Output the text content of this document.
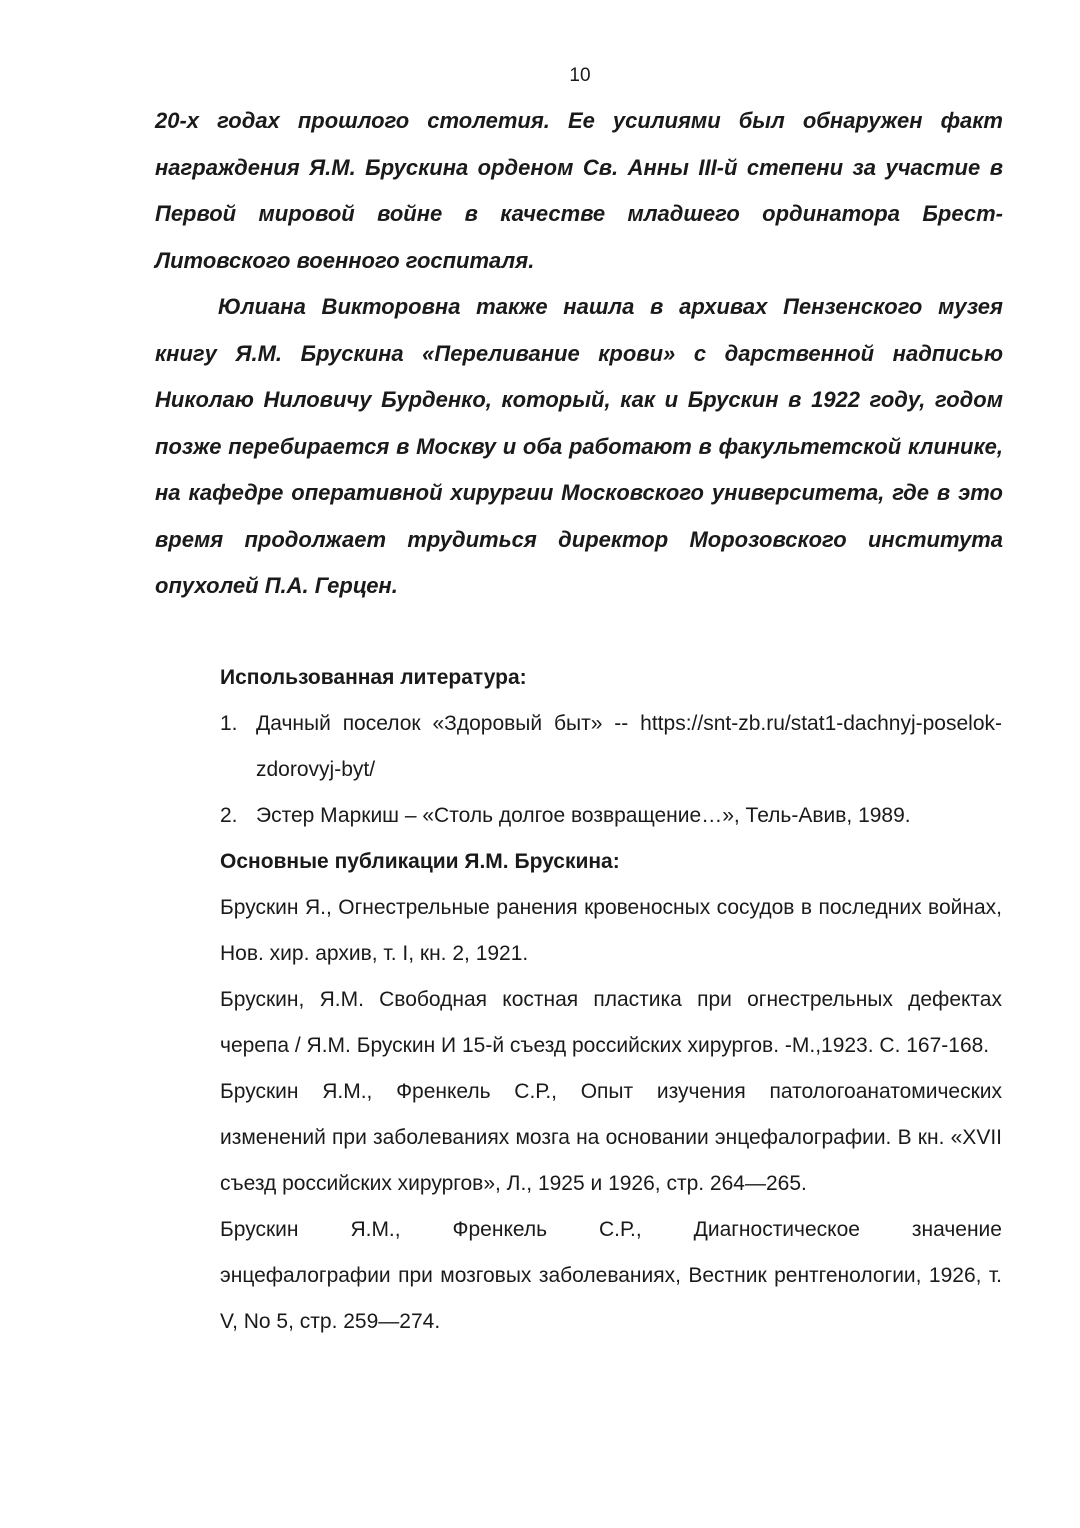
10

20-х годах прошлого столетия. Ее усилиями был обнаружен факт награждения Я.М. Брускина орденом Св. Анны III-й степени за участие в Первой мировой войне в качестве младшего ординатора Брест-Литовского военного госпиталя.

Юлиана Викторовна также нашла в архивах Пензенского музея книгу Я.М. Брускина «Переливание крови» с дарственной надписью Николаю Ниловичу Бурденко, который, как и Брускин в 1922 году, годом позже перебирается в Москву и оба работают в факультетской клинике, на кафедре оперативной хирургии Московского университета, где в это время продолжает трудиться директор Морозовского института опухолей П.А. Герцен.

Использованная литература:

1. Дачный поселок «Здоровый быт» -- https://snt-zb.ru/stat1-dachnyj-poselok-zdorovyj-byt/
2. Эстер Маркиш – «Столь долгое возвращение…», Тель-Авив, 1989.

Основные публикации Я.М. Брускина:

Брускин Я., Огнестрельные ранения кровеносных сосудов в последних войнах, Нов. хир. архив, т. I, кн. 2, 1921.

Брускин, Я.М. Свободная костная пластика при огнестрельных дефектах черепа / Я.М. Брускин И 15-й съезд российских хирургов. -М.,1923. С. 167-168.

Брускин Я.М., Френкель С.Р., Опыт изучения патологоанатомических изменений при заболеваниях мозга на основании энцефалографии. В кн. «XVII съезд российских хирургов», Л., 1925 и 1926, стр. 264—265.

Брускин Я.М., Френкель С.Р., Диагностическое значение

энцефалографии при мозговых заболеваниях, Вестник рентгенологии, 1926, т. V, No 5, стр. 259—274.
